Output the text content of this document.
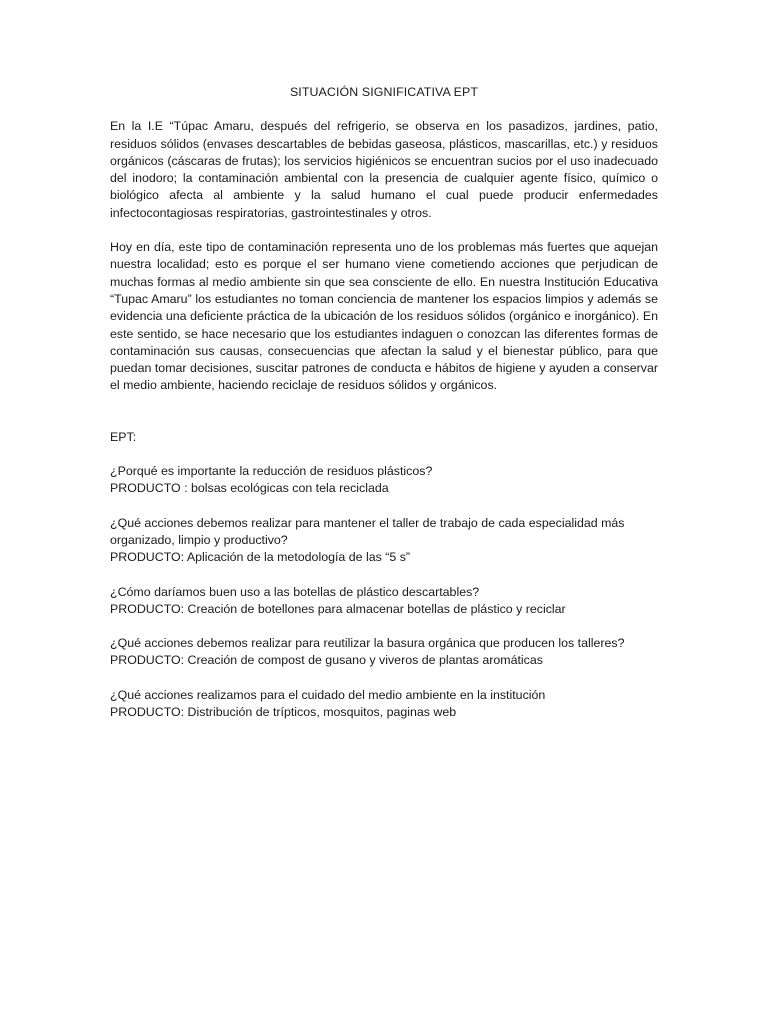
SITUACIÓN SIGNIFICATIVA EPT

En la I.E “Túpac Amaru, después del refrigerio, se observa en los pasadizos, jardines, patio, residuos sólidos (envases descartables de bebidas gaseosa, plásticos, mascarillas, etc.) y residuos orgánicos (cáscaras de frutas); los servicios higiénicos se encuentran sucios por el uso inadecuado del inodoro; la contaminación ambiental con la presencia de cualquier agente físico, químico o biológico afecta al ambiente y la salud humano el cual puede producir enfermedades infectocontagiosas respiratorias, gastrointestinales y otros.

Hoy en día, este tipo de contaminación representa uno de los problemas más fuertes que aquejan nuestra localidad; esto es porque el ser humano viene cometiendo acciones que perjudican de muchas formas al medio ambiente sin que sea consciente de ello. En nuestra Institución Educativa “Tupac Amaru” los estudiantes no toman conciencia de mantener los espacios limpios y además se evidencia una deficiente práctica de la ubicación de los residuos sólidos (orgánico e inorgánico). En este sentido, se hace necesario que los estudiantes indaguen o conozcan las diferentes formas de contaminación sus causas, consecuencias que afectan la salud y el bienestar público, para que puedan tomar decisiones, suscitar patrones de conducta e hábitos de higiene y ayuden a conservar el medio ambiente, haciendo reciclaje de residuos sólidos y orgánicos.

EPT:

¿Porqué es importante la reducción de residuos plásticos?
PRODUCTO : bolsas ecológicas con tela reciclada
¿Qué acciones debemos realizar para mantener el taller de trabajo de cada especialidad más organizado, limpio y productivo?
PRODUCTO: Aplicación de la metodología de las “5 s”
¿Cómo daríamos buen uso a las botellas de plástico descartables?
PRODUCTO: Creación de botellones para almacenar botellas de plástico y reciclar
¿Qué acciones debemos realizar para reutilizar la basura orgánica que producen los talleres?
PRODUCTO: Creación de compost de gusano y viveros de plantas aromáticas
¿Qué acciones realizamos para el cuidado del medio ambiente en la institución
PRODUCTO: Distribución de trípticos, mosquitos, paginas web
